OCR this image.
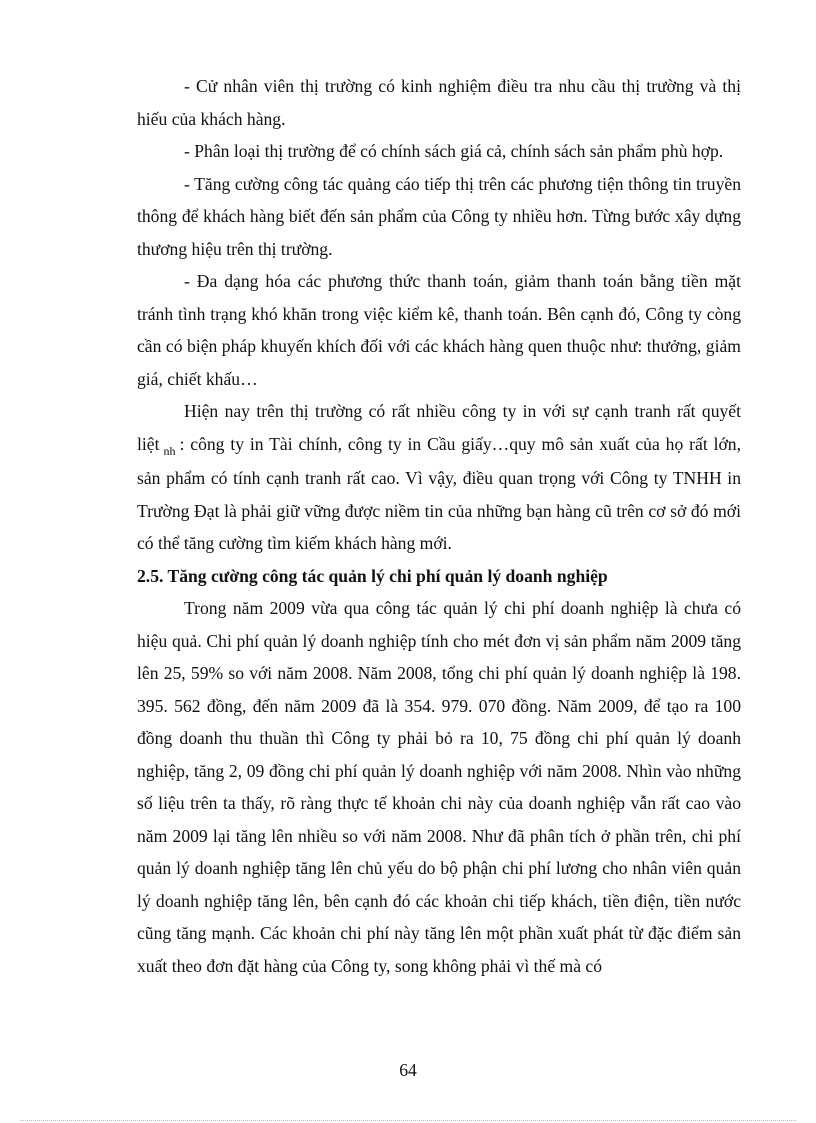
- Cử nhân viên thị trường có kinh nghiệm điều tra nhu cầu thị trường và thị hiếu của khách hàng.

- Phân loại thị trường để có chính sách giá cả, chính sách sản phẩm phù hợp.

- Tăng cường công tác quảng cáo tiếp thị trên các phương tiện thông tin truyền thông để khách hàng biết đến sản phẩm của Công ty nhiều hơn. Từng bước xây dựng thương hiệu trên thị trường.

- Đa dạng hóa các phương thức thanh toán, giảm thanh toán bằng tiền mặt tránh tình trạng khó khăn trong việc kiểm kê, thanh toán. Bên cạnh đó, Công ty còng cần có biện pháp khuyến khích đối với các khách hàng quen thuộc như: thưởng, giảm giá, chiết khấu…

Hiện nay trên thị trường có rất nhiều công ty in với sự cạnh tranh rất quyết liệt $_{nh}$ : công ty in Tài chính, công ty in Cầu giấy…quy mô sản xuất của họ rất lớn, sản phẩm có tính cạnh tranh rất cao. Vì vậy, điều quan trọng với Công ty TNHH in Trường Đạt là phải giữ vững được niềm tin của những bạn hàng cũ trên cơ sở đó mới có thể tăng cường tìm kiếm khách hàng mới.

2.5. Tăng cường công tác quản lý chi phí quản lý doanh nghiệp

Trong năm 2009 vừa qua công tác quản lý chi phí doanh nghiệp là chưa có hiệu quả. Chi phí quản lý doanh nghiệp tính cho mét đơn vị sản phẩm năm 2009 tăng lên 25, 59% so với năm 2008. Năm 2008, tổng chi phí quản lý doanh nghiệp là 198. 395. 562 đồng, đến năm 2009 đã là 354. 979. 070 đồng. Năm 2009, để tạo ra 100 đồng doanh thu thuần thì Công ty phải bỏ ra 10, 75 đồng chi phí quản lý doanh nghiệp, tăng 2, 09 đồng chi phí quản lý doanh nghiệp với năm 2008. Nhìn vào những số liệu trên ta thấy, rõ ràng thực tế khoản chi này của doanh nghiệp vẫn rất cao vào năm 2009 lại tăng lên nhiều so với năm 2008. Như đã phân tích ở phần trên, chi phí quản lý doanh nghiệp tăng lên chủ yếu do bộ phận chi phí lương cho nhân viên quản lý doanh nghiệp tăng lên, bên cạnh đó các khoản chi tiếp khách, tiền điện, tiền nước cũng tăng mạnh. Các khoản chi phí này tăng lên một phần xuất phát từ đặc điểm sản xuất theo đơn đặt hàng của Công ty, song không phải vì thế mà có

64
